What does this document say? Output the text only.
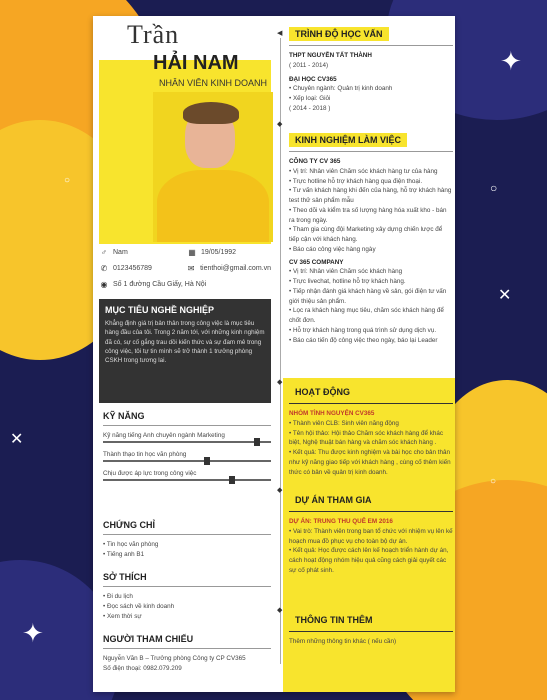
✦
○
✕
✕
✦
○
○
Trần
HẢI NAM
NHÂN VIÊN KINH DOANH
♂ Nam	▦ 19/05/1992
✆ 0123456789	✉ tienthoi@gmail.com.vn
◉ Số 1 đường Cầu Giấy, Hà Nội
MỤC TIÊU NGHỀ NGHIỆP

Khẳng định giá trị bản thân trong công việc là mục tiêu hàng đầu của tôi. Trong 2 năm tới, với những kinh nghiệm đã có, sự cố gắng trau dồi kiến thức và sự đam mê trong công việc, tôi tự tin mình sẽ trở thành 1 trưởng phòng CSKH trong tương lai.

KỸ NĂNG
Kỹ năng tiếng Anh chuyên ngành Marketing
Thành thạo tin học văn phòng
Chịu được áp lực trong công việc
CHỨNG CHỈ
• Tin học văn phòng
• Tiếng anh B1
SỞ THÍCH
• Đi du lịch
• Đọc sách về kinh doanh
• Xem thời sự
NGƯỜI THAM CHIẾU
Nguyễn Văn B – Trưởng phòng Công ty CP CV365
Số điện thoại: 0982.079.209
◀
◆
◆
◆
◆
TRÌNH ĐỘ HỌC VẤN
THPT NGUYỄN TẤT THÀNH
( 2011 - 2014)
ĐẠI HỌC CV365
• Chuyên ngành: Quản trị kinh doanh
• Xếp loại: Giỏi
( 2014 - 2018 )
KINH NGHIỆM LÀM VIỆC
CÔNG TY CV 365
• Vị trí: Nhân viên Chăm sóc khách hàng tư của hàng
• Trực hotline hỗ trợ khách hàng qua điện thoại.
• Tư vấn khách hàng khi đến của hàng, hỗ trợ khách hàng test thử sản phẩm mẫu
• Theo dõi và kiểm tra số lượng hàng hóa xuất kho - bán ra trong ngày.
• Tham gia cùng đội Marketing xây dựng chiến lược để tiếp cận với khách hàng.
• Báo cáo công việc hàng ngày
CV 365 COMPANY
• Vị trí: Nhân viên Chăm sóc khách hàng
• Trực livechat, hotline hỗ trợ khách hàng.
• Tiếp nhận đánh giá khách hàng về sản, gói điện tư vấn giới thiệu sản phẩm.
• Lọc ra khách hàng mục tiêu, chăm sóc khách hàng để chốt đơn.
• Hỗ trợ khách hàng trong quá trình sử dụng dịch vụ.
• Báo cáo tiến độ công việc theo ngày, báo lại Leader
HOẠT ĐỘNG
NHÓM TÌNH NGUYỆN CV365
• Thành viên CLB: Sinh viên năng động
• Tên hội thảo: Hội thảo Chăm sóc khách hàng để khác biệt, Nghệ thuật bán hàng và chăm sóc khách hàng .
• Kết quả: Thu được kinh nghiệm và bài học cho bản thân như kỹ năng giao tiếp với khách hàng , cùng cố thêm kiến thức có bản về quản trị kinh doanh.
DỰ ÁN THAM GIA
DỰ ÁN: TRUNG THU QUÊ EM 2016
• Vai trò: Thành viên trong ban tổ chức với nhiệm vụ lên kế hoạch mua đồ phục vụ cho toàn bộ dự án.
• Kết quả: Học được cách lên kế hoạch triển hành dự án, cách hoạt động nhóm hiệu quả cũng cách giải quyết các sự cố phát sinh.
THÔNG TIN THÊM
Thêm những thông tin khác ( nếu cần)
